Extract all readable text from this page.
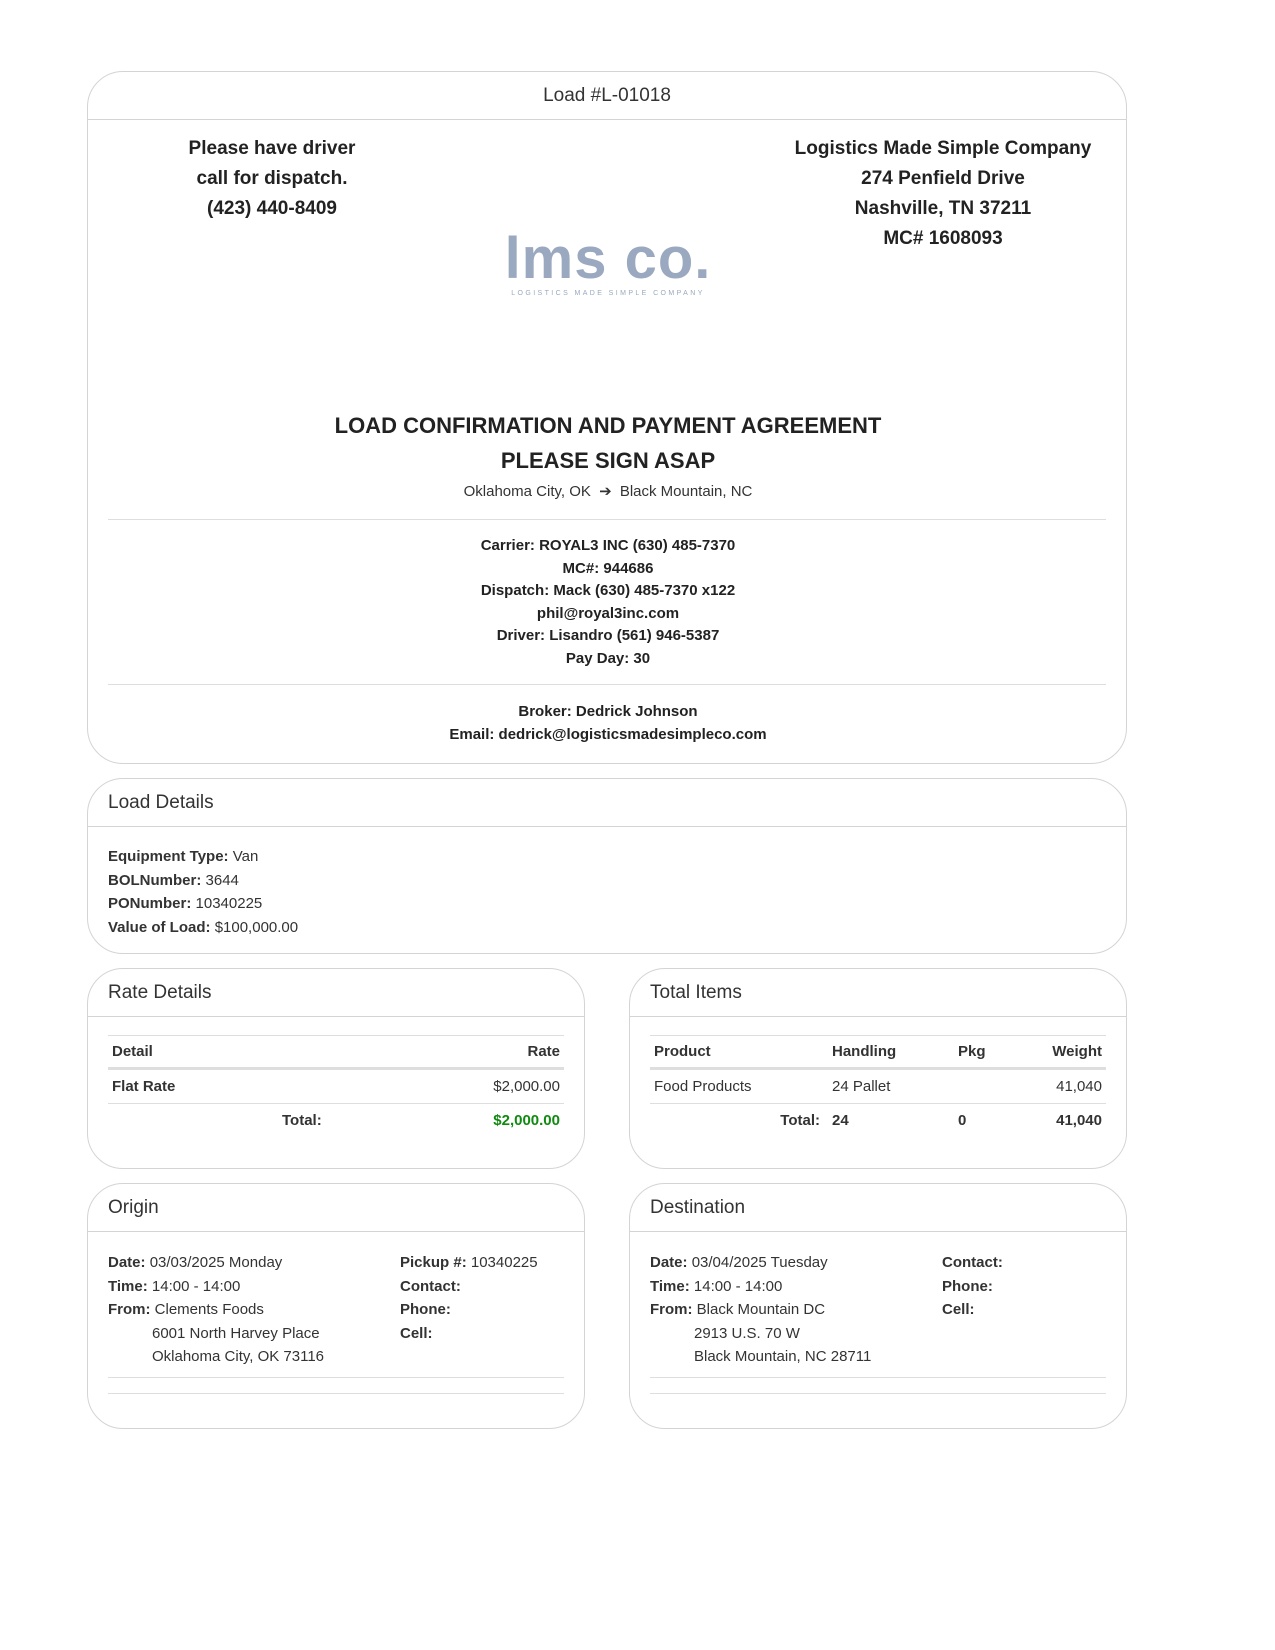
Load #L-01018
Please have driver
call for dispatch.
(423) 440-8409
Logistics Made Simple Company
274 Penfield Drive
Nashville, TN 37211
MC# 1608093
lms co.
LOGISTICS MADE SIMPLE COMPANY
LOAD CONFIRMATION AND PAYMENT AGREEMENT
PLEASE SIGN ASAP
Oklahoma City, OK ➔ Black Mountain, NC
Carrier: ROYAL3 INC (630) 485-7370
MC#: 944686
Dispatch: Mack (630) 485-7370 x122
phil@royal3inc.com
Driver: Lisandro (561) 946-5387
Pay Day: 30
Broker: Dedrick Johnson
Email: dedrick@logisticsmadesimpleco.com
Load Details
Equipment Type: Van
BOLNumber: 3644
PONumber: 10340225
Value of Load: $100,000.00
Rate Details
Detail	Rate
Flat Rate	$2,000.00
Total:	$2,000.00
Total Items
Product	Handling	Pkg	Weight
Food Products	24 Pallet		41,040
Total:	24	0	41,040
Origin
Date: 03/03/2025 Monday
Time: 14:00 - 14:00
From: Clements Foods
6001 North Harvey Place
Oklahoma City, OK 73116
Pickup #: 10340225
Contact:
Phone:
Cell:
Destination
Date: 03/04/2025 Tuesday
Time: 14:00 - 14:00
From: Black Mountain DC
2913 U.S. 70 W
Black Mountain, NC 28711
Contact:
Phone:
Cell:
